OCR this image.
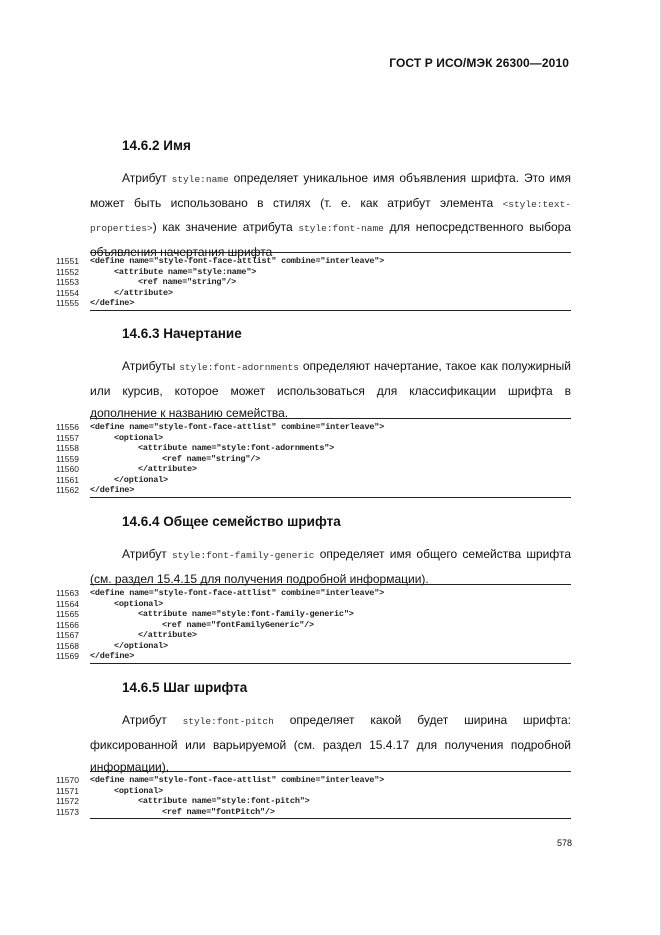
ГОСТ Р ИСО/МЭК 26300—2010
14.6.2 Имя

Атрибут style:name определяет уникальное имя объявления шрифта. Это имя может быть использовано в стилях (т. е. как атрибут элемента <style:text-properties>) как значение атрибута style:font-name для непосредственного выбора объявления начертания шрифта

11551 <define name="style-font-face-attlist" combine="interleave">
11552	<attribute name="style:name">
11553	<ref name="string"/>
11554	</attribute>
11555 </define>
14.6.3 Начертание

Атрибуты style:font-adornments определяют начертание, такое как полужирный или курсив, которое может использоваться для классификации шрифта в дополнение к названию семейства.

11556 <define name="style-font-face-attlist" combine="interleave">
11557	<optional>
11558	<attribute name="style:font-adornments">
11559	<ref name="string"/>
11560	</attribute>
11561	</optional>
11562 </define>
14.6.4 Общее семейство шрифта

Атрибут style:font-family-generic определяет имя общего семейства шрифта (см. раздел 15.4.15 для получения подробной информации).

11563 <define name="style-font-face-attlist" combine="interleave">
11564	<optional>
11565	<attribute name="style:font-family-generic">
11566	<ref name="fontFamilyGeneric"/>
11567	</attribute>
11568	</optional>
11569 </define>
14.6.5 Шаг шрифта

Атрибут style:font-pitch определяет какой будет ширина шрифта: фиксированной или варьируемой (см. раздел 15.4.17 для получения подробной информации).

11570 <define name="style-font-face-attlist" combine="interleave">
11571	<optional>
11572	<attribute name="style:font-pitch">
11573	<ref name="fontPitch"/>
578
